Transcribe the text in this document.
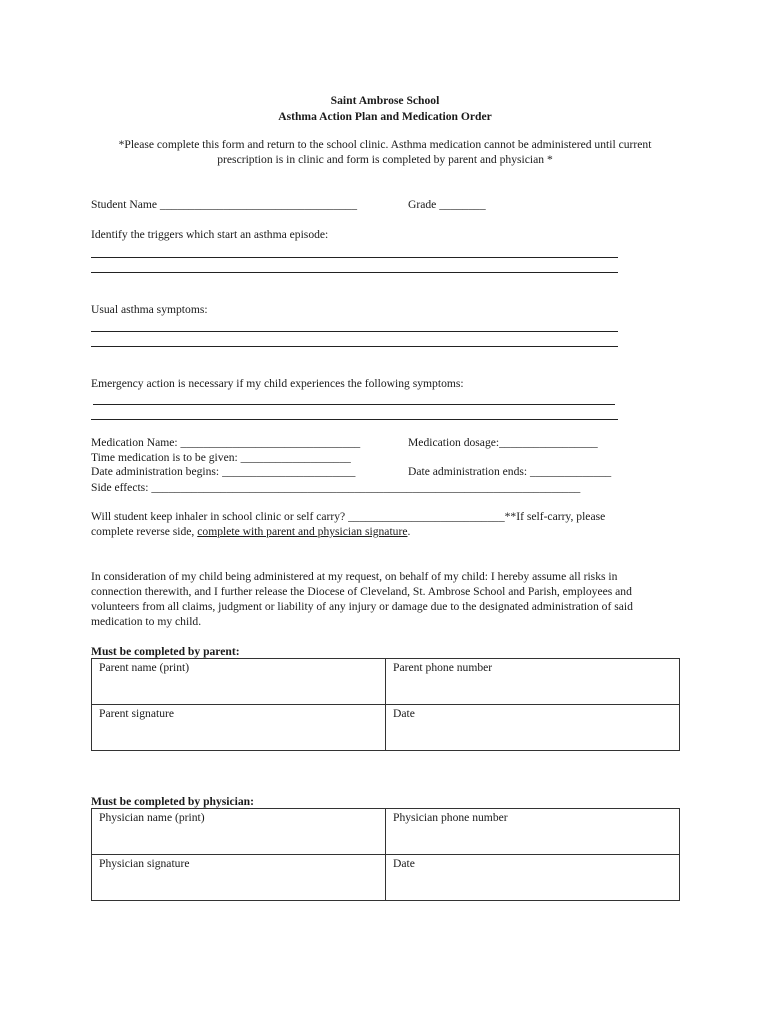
Saint Ambrose School
Asthma Action Plan and Medication Order
*Please complete this form and return to the school clinic. Asthma medication cannot be administered until current
prescription is in clinic and form is completed by parent and physician *
Student Name __________________________________	Grade ________
Identify the triggers which start an asthma episode:
Usual asthma symptoms:
Emergency action is necessary if my child experiences the following symptoms:
Medication Name: _______________________________	Medication dosage:_________________
Time medication is to be given: ___________________
Date administration begins: _______________________	Date administration ends: ______________
Side effects: __________________________________________________________________________
Will student keep inhaler in school clinic or self carry? ___________________________**If self-carry, please
complete reverse side, complete with parent and physician signature.
In consideration of my child being administered at my request, on behalf of my child: I hereby assume all risks in
connection therewith, and I further release the Diocese of Cleveland, St. Ambrose School and Parish, employees and
volunteers from all claims, judgment or liability of any injury or damage due to the designated administration of said
medication to my child.
Must be completed by parent:
Parent name (print)	Parent phone number
Parent signature	Date
Must be completed by physician:
Physician name (print)	Physician phone number
Physician signature	Date
